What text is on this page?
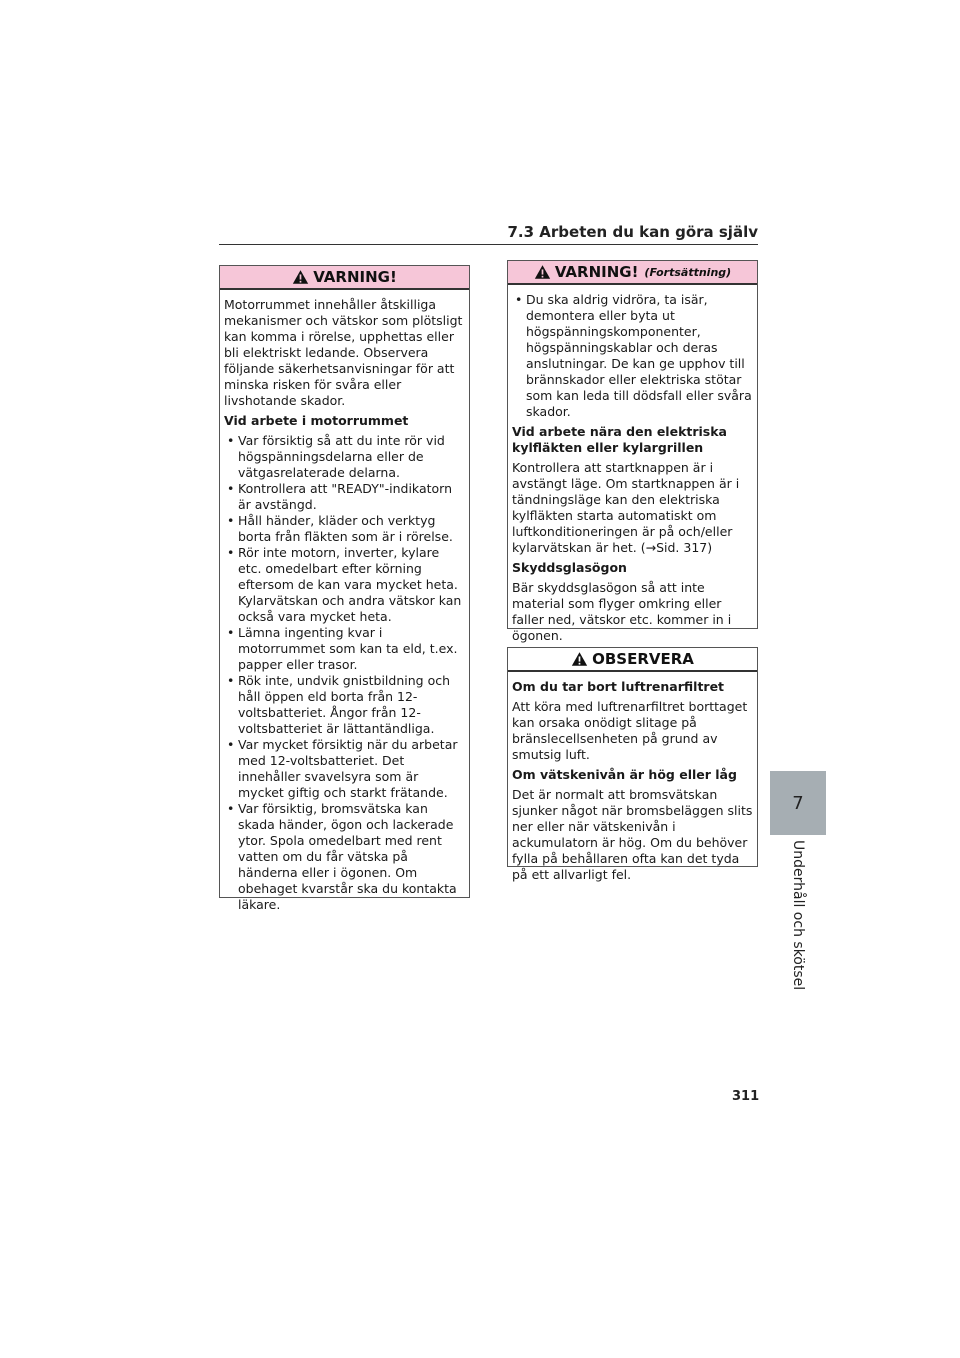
7.3 Arbeten du kan göra själv
VARNING!

Motorrummet innehåller åtskilliga mekanismer och vätskor som plötsligt kan komma i rörelse, upphettas eller bli elektriskt ledande. Observera följande säkerhetsanvisningar för att minska risken för svåra eller livshotande skador.

Vid arbete i motorrummet

• Var försiktig så att du inte rör vid högspänningsdelarna eller de vätgasrelaterade delarna.
• Kontrollera att "READY"-indikatorn är avstängd.
• Håll händer, kläder och verktyg borta från fläkten som är i rörelse.
• Rör inte motorn, inverter, kylare etc. omedelbart efter körning eftersom de kan vara mycket heta. Kylarvätskan och andra vätskor kan också vara mycket heta.
• Lämna ingenting kvar i motorrummet som kan ta eld, t.ex. papper eller trasor.
• Rök inte, undvik gnistbildning och håll öppen eld borta från 12-voltsbatteriet. Ångor från 12-voltsbatteriet är lättantändliga.
• Var mycket försiktig när du arbetar med 12-voltsbatteriet. Det innehåller svavelsyra som är mycket giftig och starkt frätande.
• Var försiktig, bromsvätska kan skada händer, ögon och lackerade ytor. Spola omedelbart med rent vatten om du får vätska på händerna eller i ögonen. Om obehaget kvarstår ska du kontakta läkare.
VARNING! (Fortsättning)
• Du ska aldrig vidröra, ta isär, demontera eller byta ut högspänningskomponenter, högspänningskablar och deras anslutningar. De kan ge upphov till brännskador eller elektriska stötar som kan leda till dödsfall eller svåra skador.

Vid arbete nära den elektriska kylfläkten eller kylargrillen

Kontrollera att startknappen är i avstängt läge. Om startknappen är i tändningsläge kan den elektriska kylfläkten starta automatiskt om luftkonditioneringen är på och/eller kylarvätskan är het. (→Sid. 317)

Skyddsglasögon

Bär skyddsglasögon så att inte material som flyger omkring eller faller ned, vätskor etc. kommer in i ögonen.

OBSERVERA

Om du tar bort luftrenarfiltret

Att köra med luftrenarfiltret borttaget kan orsaka onödigt slitage på bränslecellsenheten på grund av smutsig luft.

Om vätskenivån är hög eller låg

Det är normalt att bromsvätskan sjunker något när bromsbeläggen slits ner eller när vätskenivån i ackumulatorn är hög. Om du behöver fylla på behållaren ofta kan det tyda på ett allvarligt fel.

7
Underhåll och skötsel
311
